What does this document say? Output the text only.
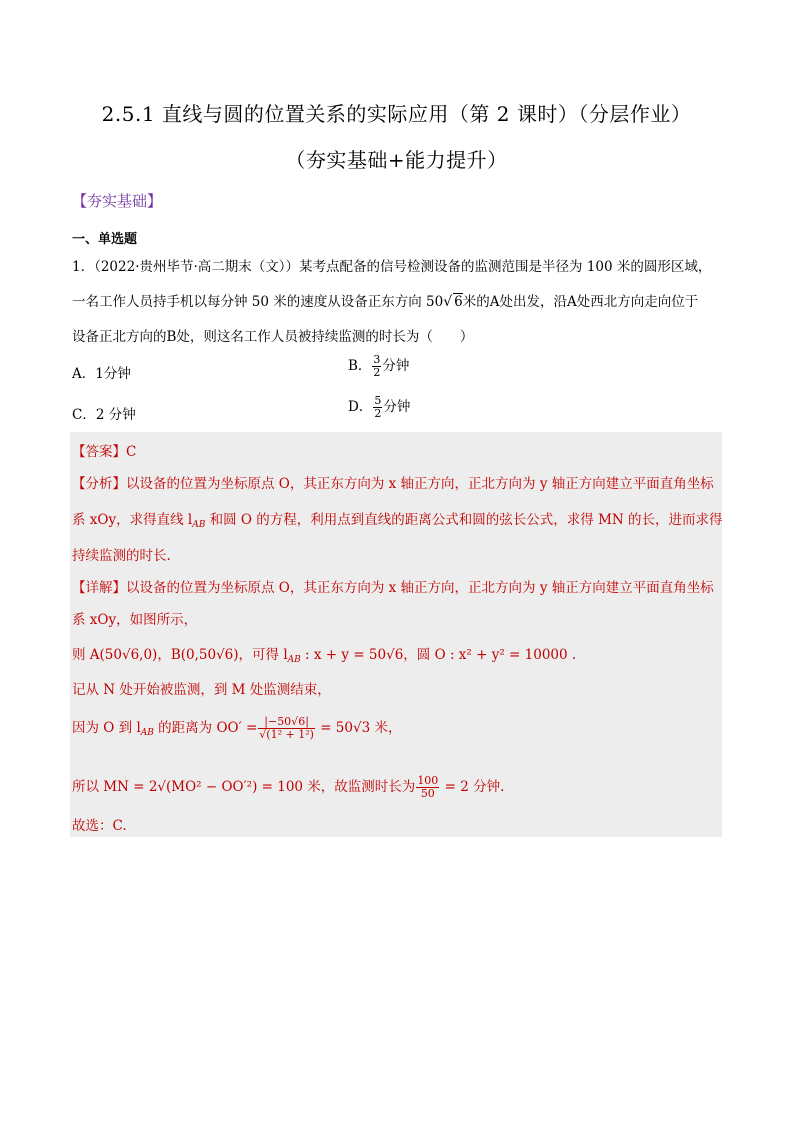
2.5.1 直线与圆的位置关系的实际应用（第 2 课时）（分层作业）
（夯实基础+能力提升）
【夯实基础】
一、单选题
1．（2022·贵州毕节·高二期末（文））某考点配备的信号检测设备的监测范围是半径为 100 米的圆形区域，
一名工作人员持手机以每分钟 50 米的速度从设备正东方向 50√ 6米的A处出发，沿A处西北方向走向位于
设备正北方向的B处，则这名工作人员被持续监测的时长为（　　）
A．1分钟	B． $\frac{3}{2}$ 分钟
C．2 分钟	D． $\frac{5}{2}$ 分钟
【答案】C
【分析】以设备的位置为坐标原点 O，其正东方向为 x 轴正方向，正北方向为 y 轴正方向建立平面直角坐标
系 xOy，求得直线 $l_{AB}$ 和圆 O 的方程，利用点到直线的距离公式和圆的弦长公式，求得 MN 的长，进而求得
持续监测的时长.
【详解】以设备的位置为坐标原点 O，其正东方向为 x 轴正方向，正北方向为 y 轴正方向建立平面直角坐标
系 xOy，如图所示，
则 A(50√6,0)，B(0,50√6)，可得 $l_{AB}$ : x + y = 50√6，圆 O : x² + y² = 10000 .
记从 N 处开始被监测，到 M 处监测结束，
因为 O 到 $l_{AB}$ 的距离为 $OO' = \frac{|-50√6|}{\text{√(1² + 1²)}} = 50√3$ 米，
所以 MN = 2√(MO² − OO′²) = 100 米，故监测时长为 $\frac{100}{50} = 2$ 分钟.
故选：C.
